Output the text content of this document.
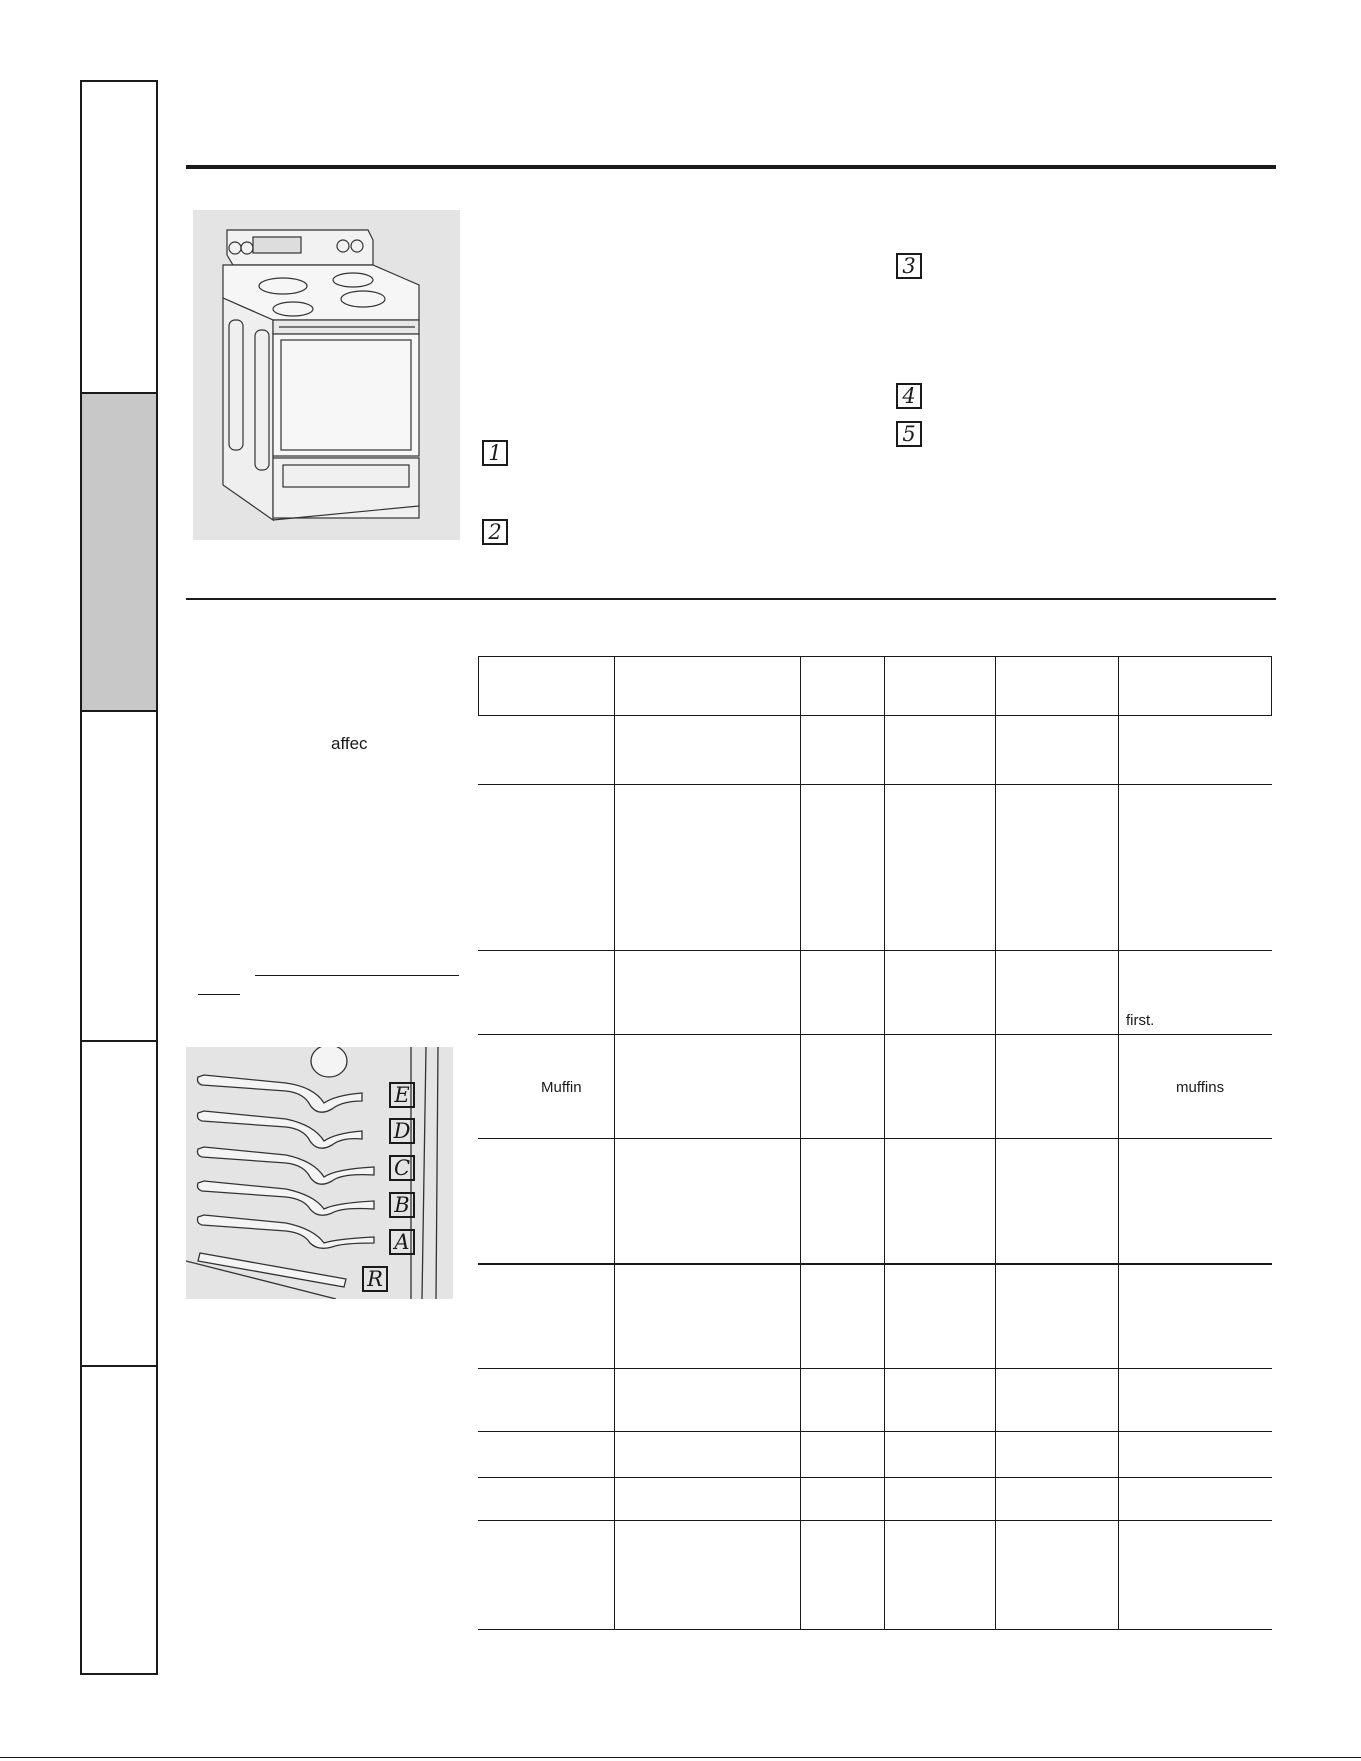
1
2
3
4
5
affec
E
D
C
B
A
R
Muffin
first.
muffins
